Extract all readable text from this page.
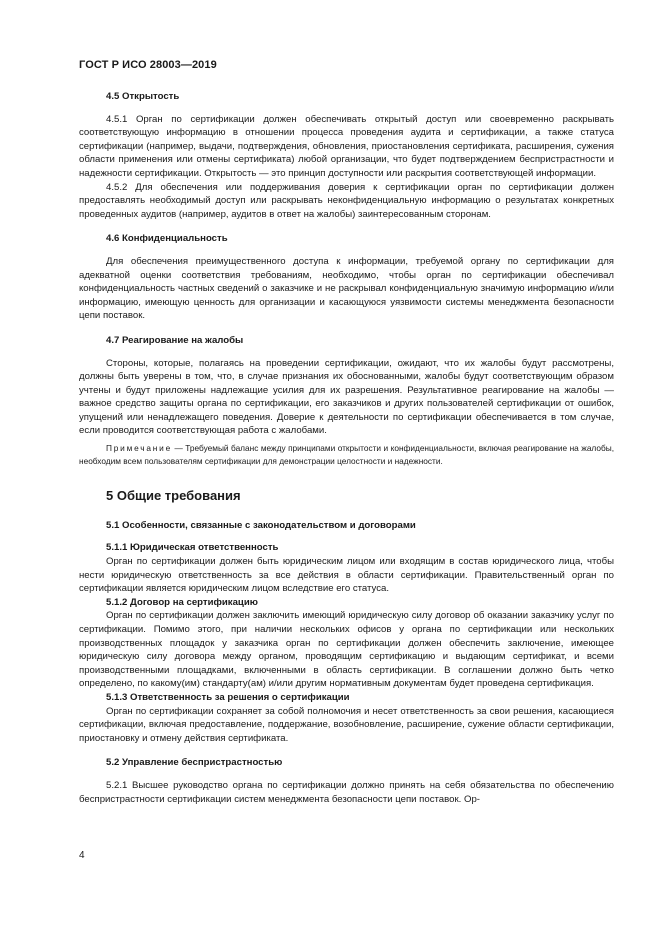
ГОСТ Р ИСО 28003—2019

4.5 Открытость

4.5.1 Орган по сертификации должен обеспечивать открытый доступ или своевременно раскрывать соответствующую информацию в отношении процесса проведения аудита и сертификации, а также статуса сертификации (например, выдачи, подтверждения, обновления, приостановления сертификата, расширения, сужения области применения или отмены сертификата) любой организации, что будет подтверждением беспристрастности и надежности сертификации. Открытость — это принцип доступности или раскрытия соответствующей информации.

4.5.2 Для обеспечения или поддерживания доверия к сертификации орган по сертификации должен предоставлять необходимый доступ или раскрывать неконфиденциальную информацию о результатах конкретных проведенных аудитов (например, аудитов в ответ на жалобы) заинтересованным сторонам.

4.6 Конфиденциальность

Для обеспечения преимущественного доступа к информации, требуемой органу по сертификации для адекватной оценки соответствия требованиям, необходимо, чтобы орган по сертификации обеспечивал конфиденциальность частных сведений о заказчике и не раскрывал конфиденциальную значимую информацию и/или информацию, имеющую ценность для организации и касающуюся уязвимости системы менеджмента безопасности цепи поставок.

4.7 Реагирование на жалобы

Стороны, которые, полагаясь на проведении сертификации, ожидают, что их жалобы будут рассмотрены, должны быть уверены в том, что, в случае признания их обоснованными, жалобы будут соответствующим образом учтены и будут приложены надлежащие усилия для их разрешения. Результативное реагирование на жалобы — важное средство защиты органа по сертификации, его заказчиков и других пользователей сертификации от ошибок, упущений или ненадлежащего поведения. Доверие к деятельности по сертификации обеспечивается в том случае, если проводится соответствующая работа с жалобами.

Примечание — Требуемый баланс между принципами открытости и конфиденциальности, включая реагирование на жалобы, необходим всем пользователям сертификации для демонстрации целостности и надежности.

5 Общие требования

5.1 Особенности, связанные с законодательством и договорами

5.1.1 Юридическая ответственность

Орган по сертификации должен быть юридическим лицом или входящим в состав юридического лица, чтобы нести юридическую ответственность за все действия в области сертификации. Правительственный орган по сертификации является юридическим лицом вследствие его статуса.

5.1.2 Договор на сертификацию

Орган по сертификации должен заключить имеющий юридическую силу договор об оказании заказчику услуг по сертификации. Помимо этого, при наличии нескольких офисов у органа по сертификации или нескольких производственных площадок у заказчика орган по сертификации должен обеспечить заключение, имеющее юридическую силу договора между органом, проводящим сертификацию и выдающим сертификат, и всеми производственными площадками, включенными в область сертификации. В соглашении должно быть четко определено, по какому(им) стандарту(ам) и/или другим нормативным документам будет проведена сертификация.

5.1.3 Ответственность за решения о сертификации

Орган по сертификации сохраняет за собой полномочия и несет ответственность за свои решения, касающиеся сертификации, включая предоставление, поддержание, возобновление, расширение, сужение области сертификации, приостановку и отмену действия сертификата.

5.2 Управление беспристрастностью

5.2.1 Высшее руководство органа по сертификации должно принять на себя обязательства по обеспечению беспристрастности сертификации систем менеджмента безопасности цепи поставок. Ор-

4
